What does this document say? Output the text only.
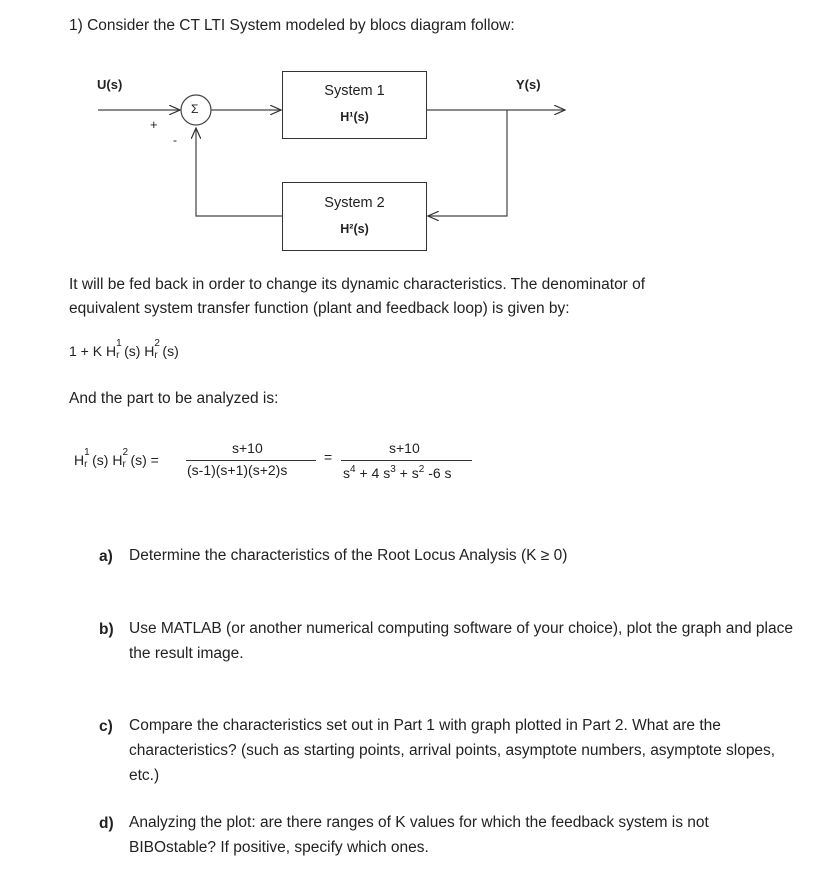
1) Consider the CT LTI System modeled by blocs diagram follow:
U(s)	Y(s)
Σ
+
-
System 1
H¹(s)
System 2
H²(s)
It will be fed back in order to change its dynamic characteristics. The denominator of
equivalent system transfer function (plant and feedback loop) is given by:
1 + K H 1
r (s) H 2
r (s)
And the part to be analyzed is:
H 1
r (s) H 2
r (s) =
s+10
(s-1)(s+1)(s+2)s
=
s+10
$s^4 + 4$ $s^3 + s^2$ -6 s
a) Determine the characteristics of the Root Locus Analysis (K ≥ 0)
b) Use MATLAB (or another numerical computing software of your choice), plot the graph and place the result image.
c) Compare the characteristics set out in Part 1 with graph plotted in Part 2. What are the characteristics? (such as starting points, arrival points, asymptote numbers, asymptote slopes, etc.)
d) Analyzing the plot: are there ranges of K values for which the feedback system is not BIBOstable? If positive, specify which ones.
